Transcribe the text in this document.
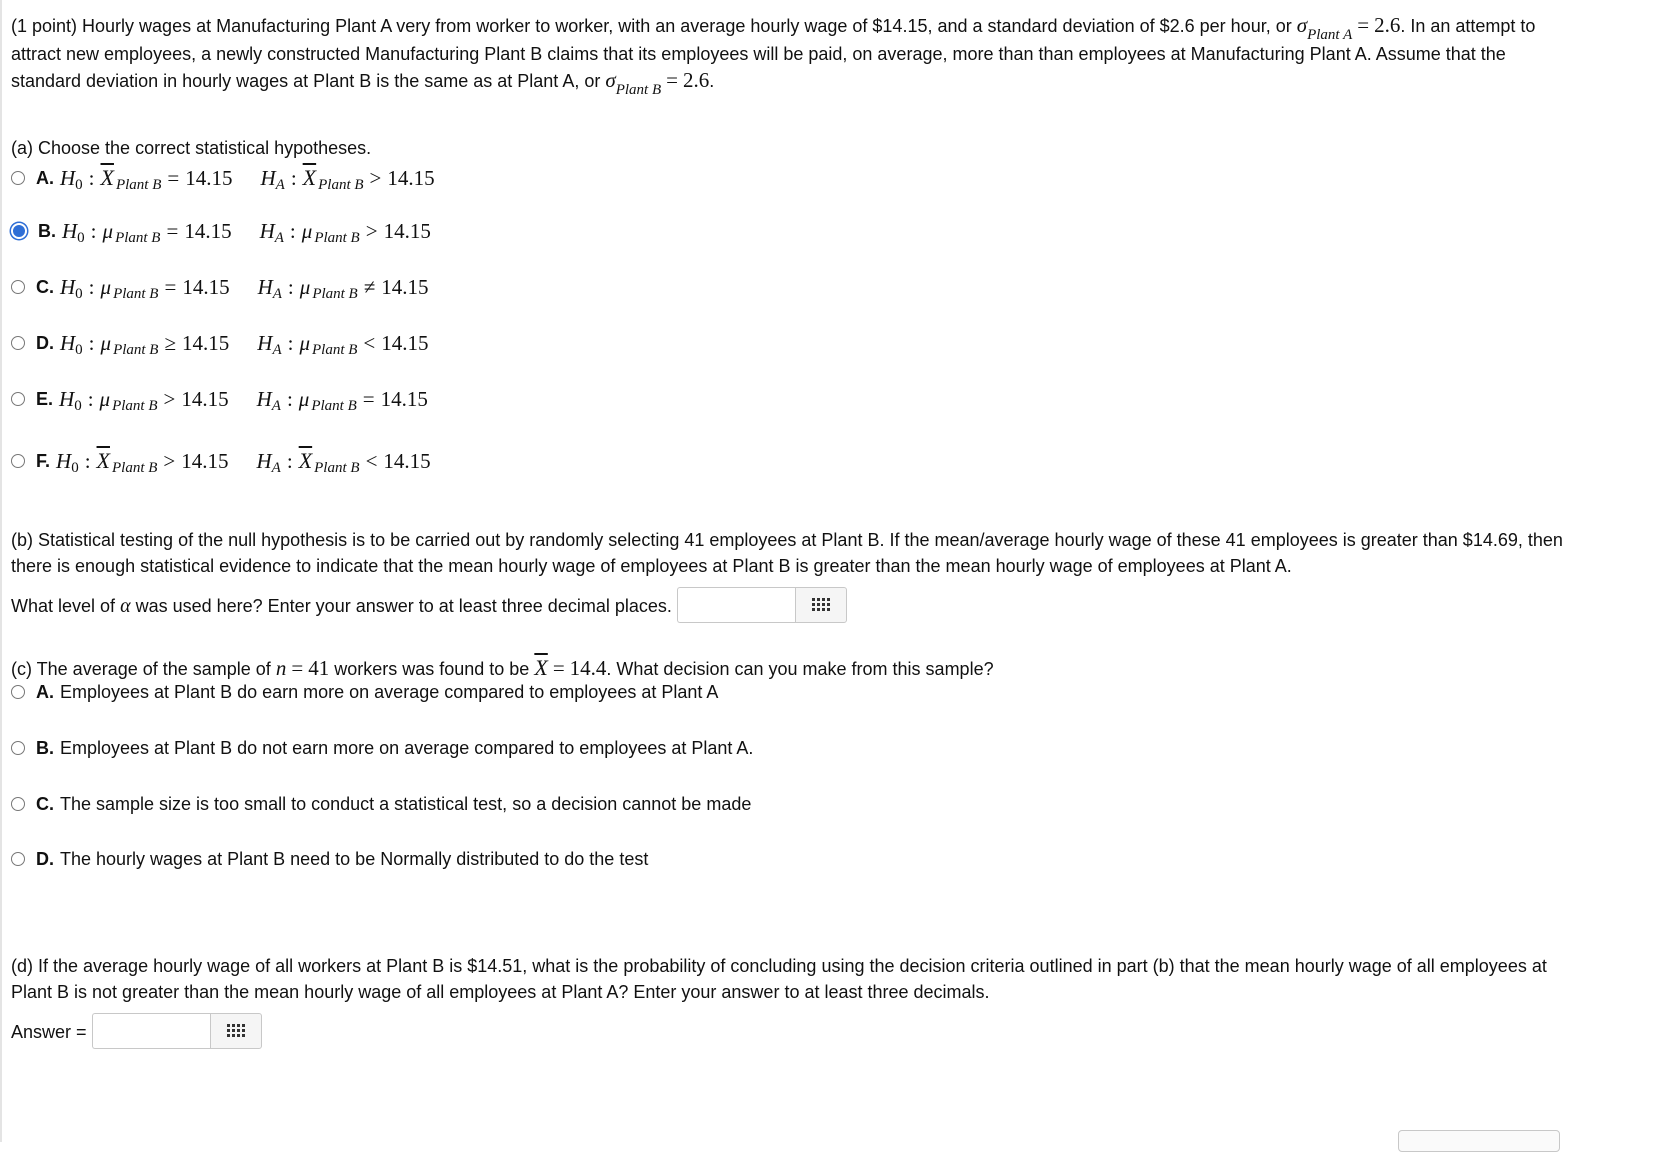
(1 point) Hourly wages at Manufacturing Plant A very from worker to worker, with an average hourly wage of $14.15, and a standard deviation of $2.6 per hour, or $\sigma_{Plant A} = 2.6$. In an attempt to

attract new employees, a newly constructed Manufacturing Plant B claims that its employees will be paid, on average, more than than employees at Manufacturing Plant A. Assume that the

standard deviation in hourly wages at Plant B is the same as at Plant A, or $\sigma_{Plant B} = 2.6$.

(a) Choose the correct statistical hypotheses.

A. H 0 : $\overline{X}$ Plant B = 14.15 H A : $\overline{X}$ Plant B > 14.15
B. H 0 : μ Plant B = 14.15 H A : μ Plant B > 14.15
C. H 0 : μ Plant B = 14.15 H A : μ Plant B ≠ 14.15
D. H 0 : μ Plant B ≥ 14.15 H A : μ Plant B < 14.15
E. H 0 : μ Plant B > 14.15 H A : μ Plant B = 14.15
F. H 0 : $\overline{X}$ Plant B > 14.15 H A : $\overline{X}$ Plant B < 14.15

(b) Statistical testing of the null hypothesis is to be carried out by randomly selecting 41 employees at Plant B. If the mean/average hourly wage of these 41 employees is greater than $14.69, then

there is enough statistical evidence to indicate that the mean hourly wage of employees at Plant B is greater than the mean hourly wage of employees at Plant A.

What level of α was used here? Enter your answer to at least three decimal places.

(c) The average of the sample of n = 41 workers was found to be $\overline{X} = 14.4$. What decision can you make from this sample?

A. Employees at Plant B do earn more on average compared to employees at Plant A
B. Employees at Plant B do not earn more on average compared to employees at Plant A.
C. The sample size is too small to conduct a statistical test, so a decision cannot be made
D. The hourly wages at Plant B need to be Normally distributed to do the test

(d) If the average hourly wage of all workers at Plant B is $14.51, what is the probability of concluding using the decision criteria outlined in part (b) that the mean hourly wage of all employees at

Plant B is not greater than the mean hourly wage of all employees at Plant A? Enter your answer to at least three decimals.

Answer =
